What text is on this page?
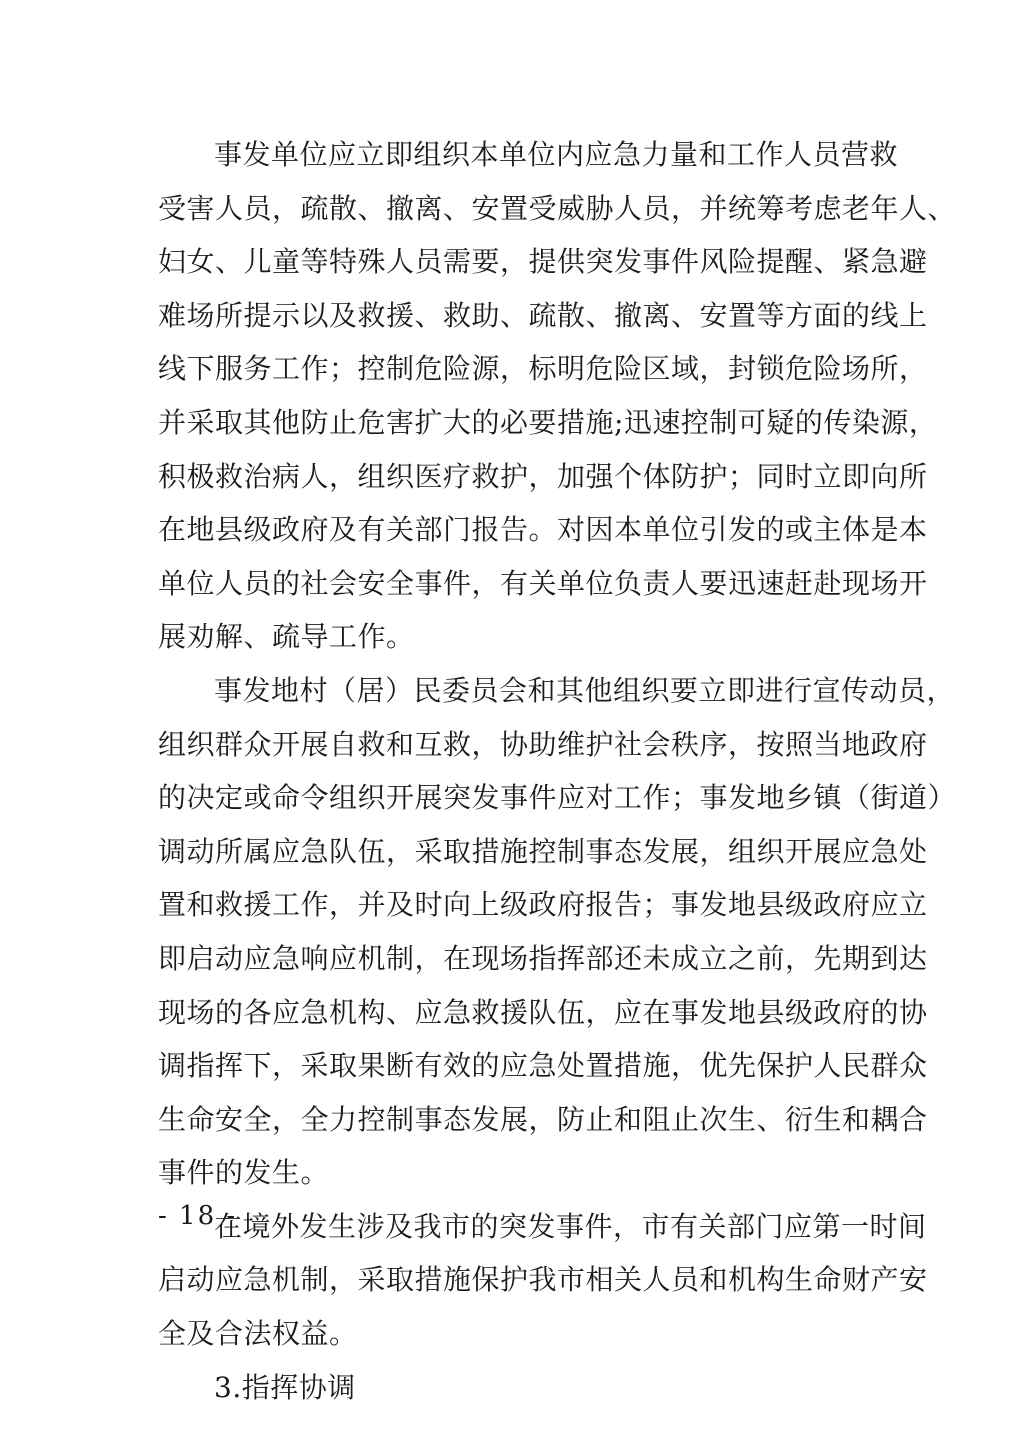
事发单位应立即组织本单位内应急力量和工作人员营救
受害人员，疏散、撤离、安置受威胁人员，并统筹考虑老年人、
妇女、儿童等特殊人员需要，提供突发事件风险提醒、紧急避
难场所提示以及救援、救助、疏散、撤离、安置等方面的线上
线下服务工作；控制危险源，标明危险区域，封锁危险场所，
并采取其他防止危害扩大的必要措施;迅速控制可疑的传染源，
积极救治病人，组织医疗救护，加强个体防护；同时立即向所
在地县级政府及有关部门报告。对因本单位引发的或主体是本
单位人员的社会安全事件，有关单位负责人要迅速赶赴现场开
展劝解、疏导工作。
事发地村（居）民委员会和其他组织要立即进行宣传动员，
组织群众开展自救和互救，协助维护社会秩序，按照当地政府
的决定或命令组织开展突发事件应对工作；事发地乡镇（街道）
调动所属应急队伍，采取措施控制事态发展，组织开展应急处
置和救援工作，并及时向上级政府报告；事发地县级政府应立
即启动应急响应机制，在现场指挥部还未成立之前，先期到达
现场的各应急机构、应急救援队伍，应在事发地县级政府的协
调指挥下，采取果断有效的应急处置措施，优先保护人民群众
生命安全，全力控制事态发展，防止和阻止次生、衍生和耦合
事件的发生。
在境外发生涉及我市的突发事件，市有关部门应第一时间
启动应急机制，采取措施保护我市相关人员和机构生命财产安
全及合法权益。
3.指挥协调
- 18 -
